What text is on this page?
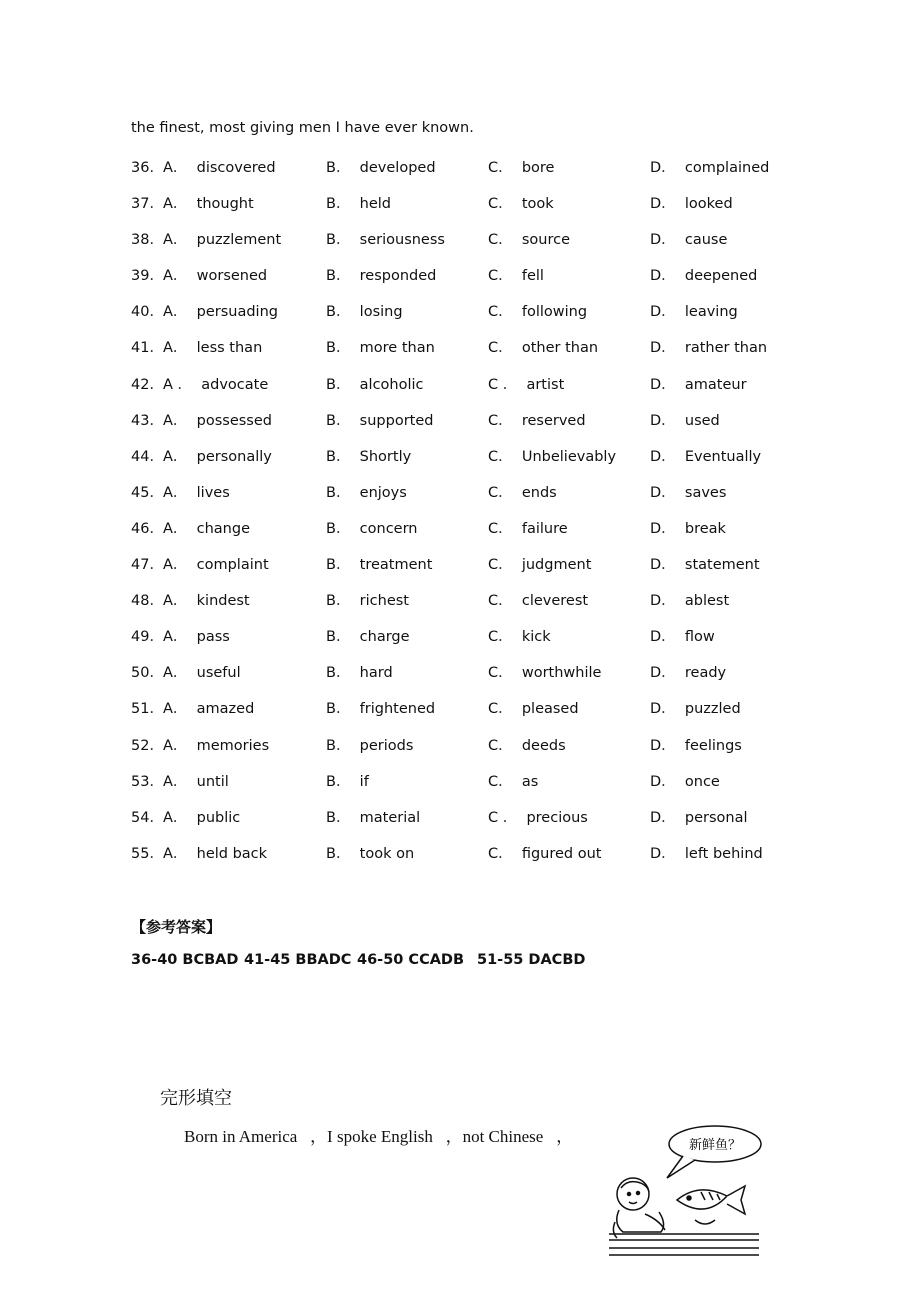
the finest, most giving men I have ever known.
36． A．  discovered	B．  developed	C．  bore	D．  complained
37． A．  thought	B．  held	C．  took	D．  looked
38． A．  puzzlement	B．  seriousness	C．  source	D．  cause
39． A．  worsened	B．  responded	C．  fell	D．  deepened
40． A．  persuading	B．  losing	C．  following	D．  leaving
41． A．  less than	B．  more than	C．  other than	D．  rather than
42． A ．  advocate	B．  alcoholic	C ．  artist	D．  amateur
43． A．  possessed	B．  supported	C．  reserved	D．  used
44． A．  personally	B．  Shortly	C．  Unbelievably D．  Eventually
45． A．  lives	B．  enjoys	C．  ends	D．  saves
46． A．  change	B．  concern	C．  failure	D．  break
47． A．  complaint	B．  treatment	C．  judgment	D．  statement
48． A．  kindest	B．  richest	C．  cleverest	D．  ablest
49． A．  pass	B．  charge	C．  kick	D．  flow
50． A．  useful	B．  hard	C．  worthwhile	D．  ready
51． A．  amazed	B．  frightened	C．  pleased	D．  puzzled
52． A．  memories	B．  periods	C．  deeds	D．  feelings
53． A．  until	B．  if	C．  as	D．  once
54． A．  public	B．  material	C ．  precious	D．  personal
55． A．  held back	B．  took on	C．  figured out	D．  left behind
【参考答案】
36-40 BCBAD 41-45 BBADC 46-50 CCADB 51-55 DACBD
完形填空
Born in America   ，I spoke English   ，not Chinese   ，	新鲜鱼？
